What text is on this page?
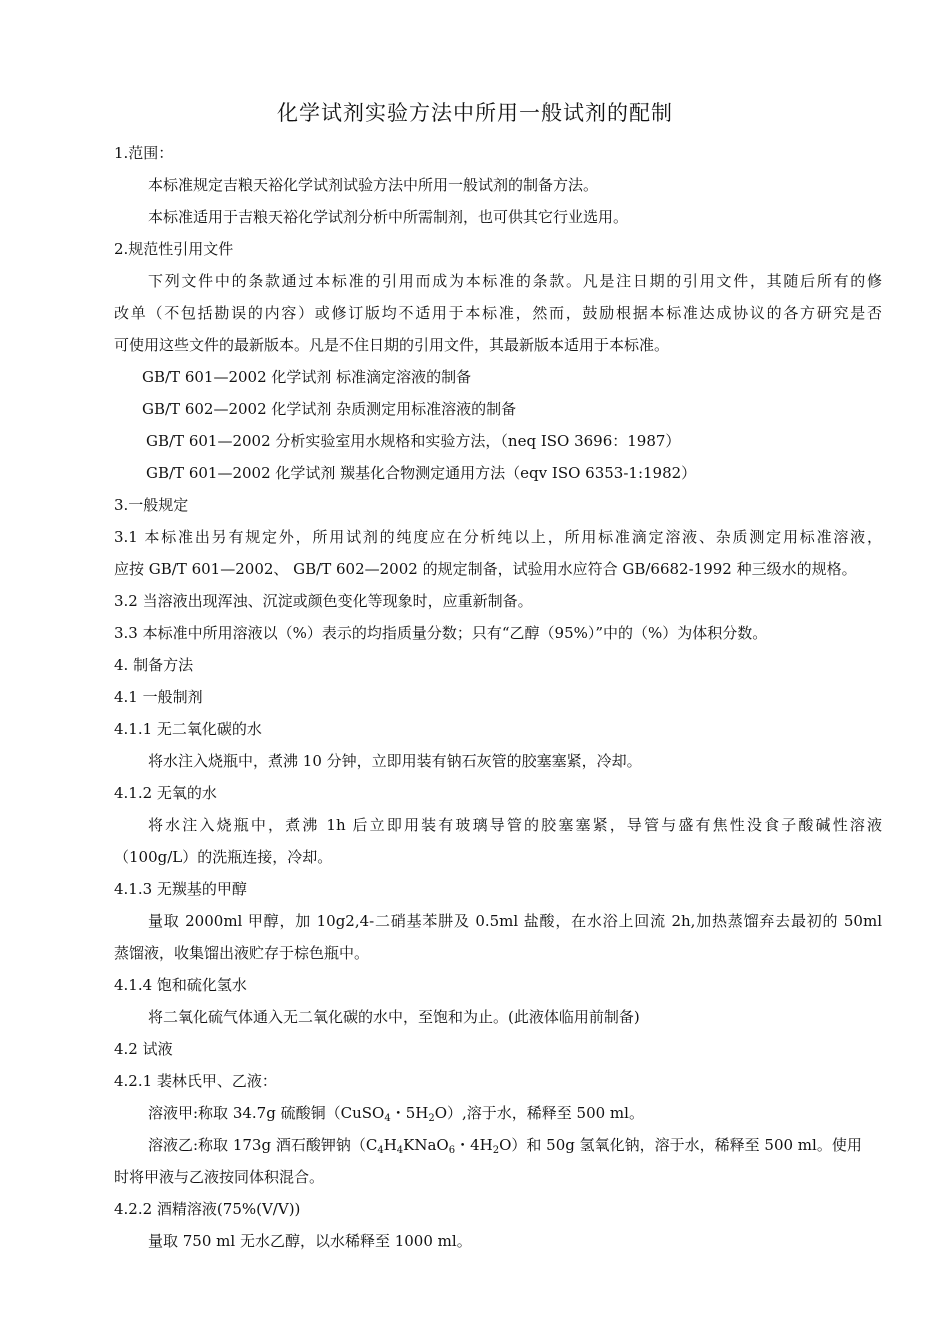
化学试剂实验方法中所用一般试剂的配制
1.范围：
本标准规定吉粮天裕化学试剂试验方法中所用一般试剂的制备方法。
本标准适用于吉粮天裕化学试剂分析中所需制剂，也可供其它行业选用。
2.规范性引用文件
下列文件中的条款通过本标准的引用而成为本标准的条款。凡是注日期的引用文件，其随后所有的修
改单（不包括勘误的内容）或修订版均不适用于本标准，然而，鼓励根据本标准达成协议的各方研究是否
可使用这些文件的最新版本。凡是不住日期的引用文件，其最新版本适用于本标准。
GB/T 601—2002 化学试剂 标准滴定溶液的制备
GB/T 602—2002 化学试剂 杂质测定用标准溶液的制备
GB/T 601—2002 分析实验室用水规格和实验方法，（neq ISO 3696：1987）
GB/T 601—2002 化学试剂 羰基化合物测定通用方法（eqv ISO 6353-1:1982）
3.一般规定
3.1 本标准出另有规定外，所用试剂的纯度应在分析纯以上，所用标准滴定溶液、杂质测定用标准溶液，
应按 GB/T 601—2002、 GB/T 602—2002 的规定制备，试验用水应符合 GB/6682-1992 种三级水的规格。
3.2 当溶液出现浑浊、沉淀或颜色变化等现象时，应重新制备。
3.3 本标准中所用溶液以（%）表示的均指质量分数；只有“乙醇（95%）”中的（%）为体积分数。
4. 制备方法
4.1 一般制剂
4.1.1 无二氧化碳的水
将水注入烧瓶中，煮沸 10 分钟，立即用装有钠石灰管的胶塞塞紧，冷却。
4.1.2 无氧的水
将水注入烧瓶中，煮沸 1h 后立即用装有玻璃导管的胶塞塞紧，导管与盛有焦性没食子酸碱性溶液
（100g/L）的洗瓶连接，冷却。
4.1.3 无羰基的甲醇
量取 2000ml 甲醇，加 10g2,4-二硝基苯肼及 0.5ml 盐酸，在水浴上回流 2h,加热蒸馏弃去最初的 50ml
蒸馏液，收集馏出液贮存于棕色瓶中。
4.1.4 饱和硫化氢水
将二氧化硫气体通入无二氧化碳的水中，至饱和为止。(此液体临用前制备)
4.2 试液
4.2.1 裴林氏甲、乙液：
溶液甲:称取 34.7g 硫酸铜（CuSO$_4$・$5H_2O$）,溶于水，稀释至 500 ml。
溶液乙:称取 173g 酒石酸钾钠（$C_4H_4KNaO_6$・$4H_2O$）和 50g 氢氧化钠，溶于水，稀释至 500 ml。使用
时将甲液与乙液按同体积混合。
4.2.2 酒精溶液(75%(V/V))
量取 750 ml 无水乙醇，以水稀释至 1000 ml。
